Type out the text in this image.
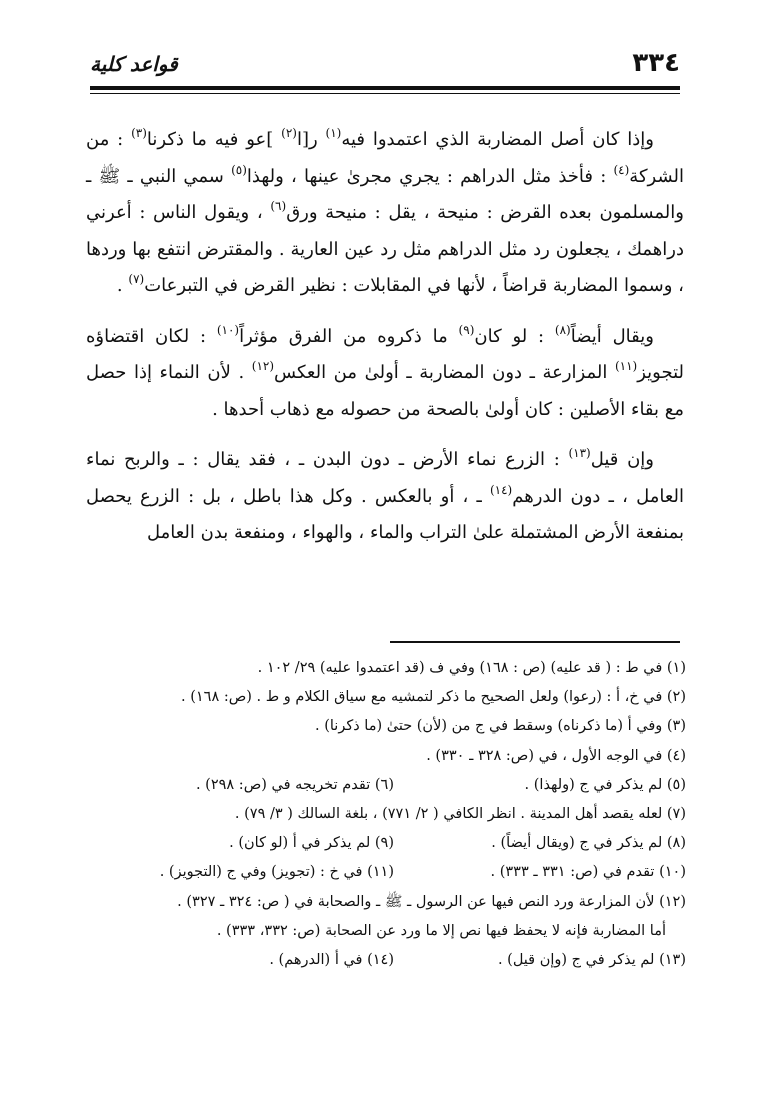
٣٣٤
قواعد كلية

وإذا كان أصل المضاربة الذي اعتمدوا فيه$^{(١)}$ ر[ا$^{(٢)}$ ]عو فيه ما ذكرنا$^{(٣)}$ : من الشركة$^{(٤)}$ : فأخذ مثل الدراهم : يجري مجرىٰ عينها ، ولهذا$^{(٥)}$ سمي النبي ـ ﷺ ـ والمسلمون بعده القرض : منيحة ، يقل : منيحة ورق$^{(٦)}$ ، ويقول الناس : أعرني دراهمك ، يجعلون رد مثل الدراهم مثل رد عين العارية . والمقترض انتفع بها وردها ، وسموا المضاربة قراضاً ، لأنها في المقابلات : نظير القرض في التبرعات$^{(٧)}$ .

ويقال أيضاً$^{(٨)}$ : لو كان$^{(٩)}$ ما ذكروه من الفرق مؤثراً$^{(١٠)}$ : لكان اقتضاؤه لتجويز$^{(١١)}$ المزارعة ـ دون المضاربة ـ أولىٰ من العكس$^{(١٢)}$ . لأن النماء إذا حصل مع بقاء الأصلين : كان أولىٰ بالصحة من حصوله مع ذهاب أحدها .

وإن قيل$^{(١٣)}$ : الزرع نماء الأرض ـ دون البدن ـ ، فقد يقال : ـ والربح نماء العامل ، ـ دون الدرهم$^{(١٤)}$ ـ ، أو بالعكس . وكل هذا باطل ، بل : الزرع يحصل بمنفعة الأرض المشتملة علىٰ التراب والماء ، والهواء ، ومنفعة بدن العامل

(١) في ط : ( قد عليه) (ص : ١٦٨) وفي ف (قد اعتمدوا عليه) ٢٩/ ١٠٢ .
(٢) في خ، أ : (رعوا) ولعل الصحيح ما ذكر لتمشيه مع سياق الكلام و ط . (ص: ١٦٨) .
(٣) وفي أ (ما ذكرناه) وسقط في ج من (لأن) حتىٰ (ما ذكرنا) .
(٤) في الوجه الأول ، في (ص: ٣٢٨ ـ ٣٣٠) .
(٥) لم يذكر في ج (ولهذا) .
(٦) تقدم تخريجه في (ص: ٢٩٨) .
(٧) لعله يقصد أهل المدينة . انظر الكافي ( ٢/ ٧٧١) ، بلغة السالك ( ٣/ ٧٩) .
(٨) لم يذكر في ج (ويقال أيضاً) .
(٩) لم يذكر في أ (لو كان) .
(١٠) تقدم في (ص: ٣٣١ ـ ٣٣٣) .
(١١) في خ : (تجويز) وفي ج (التجويز) .
(١٢) لأن المزارعة ورد النص فيها عن الرسول ـ ﷺ ـ والصحابة في ( ص: ٣٢٤ ـ ٣٢٧) .
أما المضاربة فإنه لا يحفظ فيها نص إلا ما ورد عن الصحابة (ص: ٣٣٢، ٣٣٣) .
(١٣) لم يذكر في ج (وإن قيل) .
(١٤) في أ (الدرهم) .
